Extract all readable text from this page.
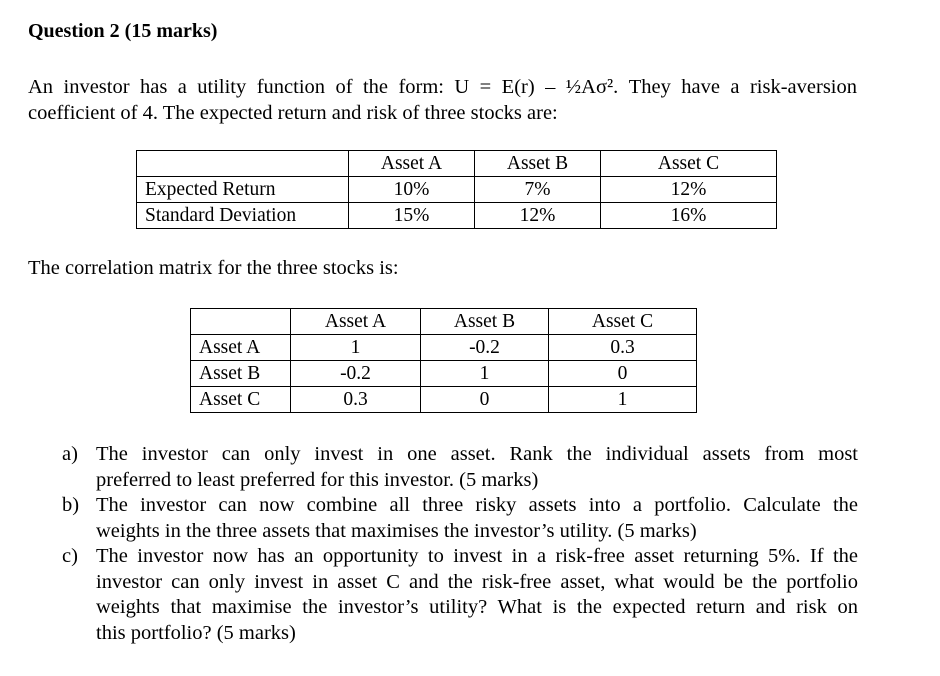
Question 2 (15 marks)
An investor has a utility function of the form: U = E(r) – ½Aσ². They have a risk-aversion
coefficient of 4. The expected return and risk of three stocks are:
	Asset A	Asset B	Asset C
Expected Return	10%	7%	12%
Standard Deviation	15%	12%	16%
The correlation matrix for the three stocks is:
	Asset A	Asset B	Asset C
Asset A	1	-0.2	0.3
Asset B	-0.2	1	0
Asset C	0.3	0	1
a) The investor can only invest in one asset. Rank the individual assets from most
preferred to least preferred for this investor. (5 marks)
b) The investor can now combine all three risky assets into a portfolio. Calculate the
weights in the three assets that maximises the investor’s utility. (5 marks)
c) The investor now has an opportunity to invest in a risk-free asset returning 5%. If the
investor can only invest in asset C and the risk-free asset, what would be the portfolio
weights that maximise the investor’s utility? What is the expected return and risk on
this portfolio? (5 marks)
